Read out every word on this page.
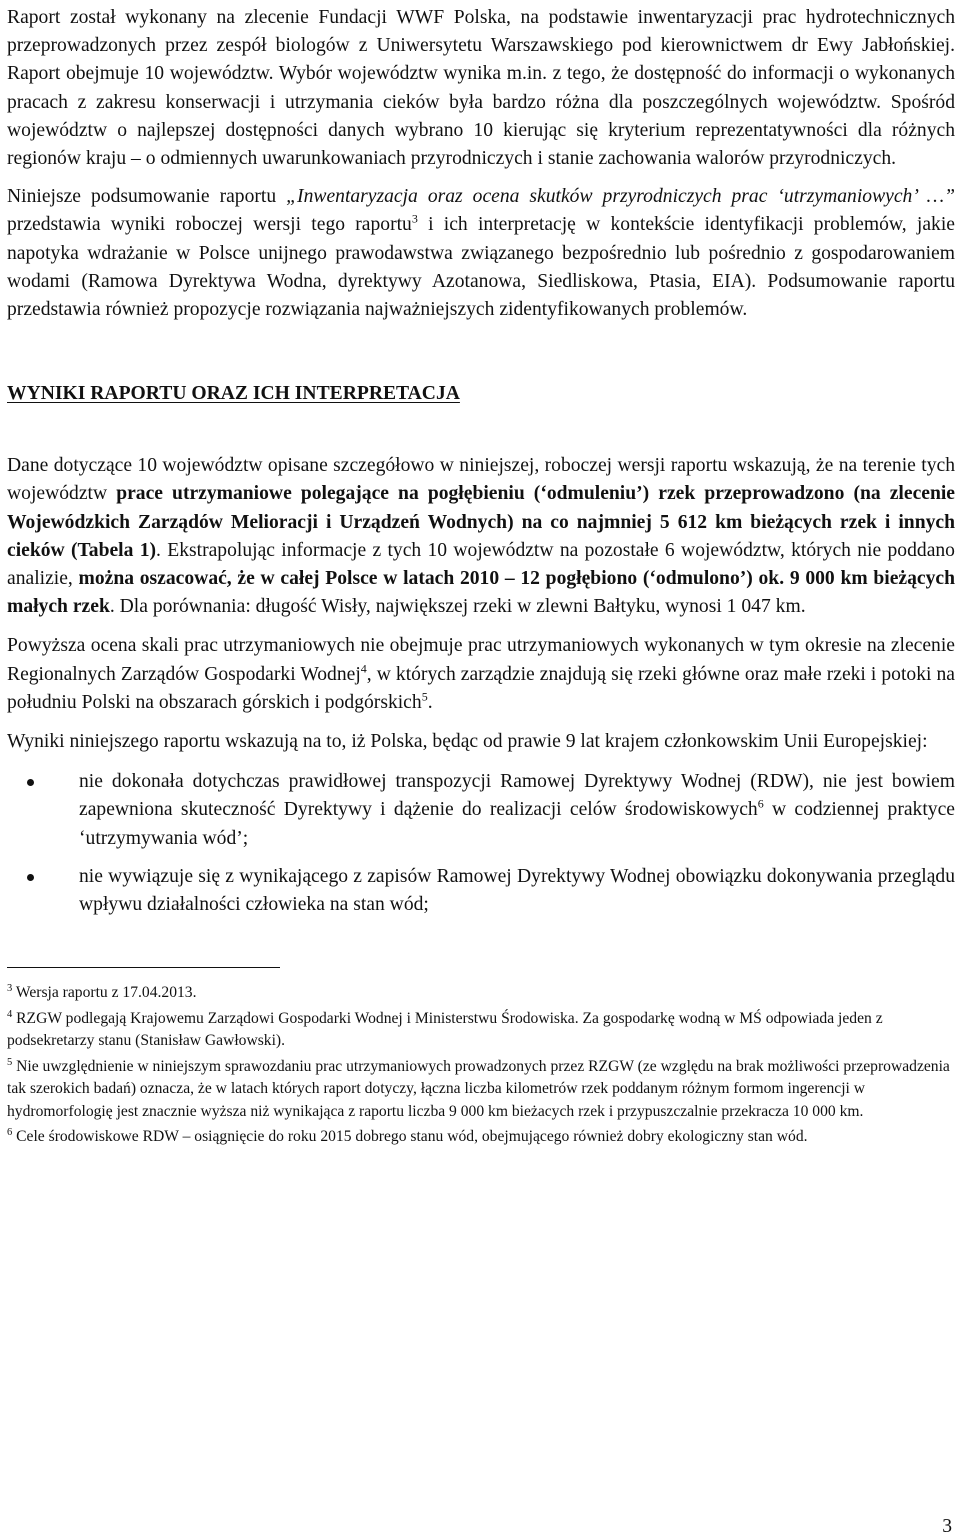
Raport został wykonany na zlecenie Fundacji WWF Polska, na podstawie inwentaryzacji prac hydrotechnicznych przeprowadzonych przez zespół biologów z Uniwersytetu Warszawskiego pod kierownictwem dr Ewy Jabłońskiej. Raport obejmuje 10 województw. Wybór województw wynika m.in. z tego, że dostępność do informacji o wykonanych pracach z zakresu konserwacji i utrzymania cieków była bardzo różna dla poszczególnych województw. Spośród województw o najlepszej dostępności danych wybrano 10 kierując się kryterium reprezentatywności dla różnych regionów kraju – o odmiennych uwarunkowaniach przyrodniczych i stanie zachowania walorów przyrodniczych.

Niniejsze podsumowanie raportu „Inwentaryzacja oraz ocena skutków przyrodniczych prac ‘utrzymaniowych’ …” przedstawia wyniki roboczej wersji tego raportu$^3$ i ich interpretację w kontekście identyfikacji problemów, jakie napotyka wdrażanie w Polsce unijnego prawodawstwa związanego bezpośrednio lub pośrednio z gospodarowaniem wodami (Ramowa Dyrektywa Wodna, dyrektywy Azotanowa, Siedliskowa, Ptasia, EIA). Podsumowanie raportu przedstawia również propozycje rozwiązania najważniejszych zidentyfikowanych problemów.

WYNIKI RAPORTU ORAZ ICH INTERPRETACJA

Dane dotyczące 10 województw opisane szczegółowo w niniejszej, roboczej wersji raportu wskazują, że na terenie tych województw prace utrzymaniowe polegające na pogłębieniu (‘odmuleniu’) rzek przeprowadzono (na zlecenie Wojewódzkich Zarządów Melioracji i Urządzeń Wodnych) na co najmniej 5 612 km bieżących rzek i innych cieków (Tabela 1). Ekstrapolując informacje z tych 10 województw na pozostałe 6 województw, których nie poddano analizie, można oszacować, że w całej Polsce w latach 2010 – 12 pogłębiono (‘odmulono’) ok. 9 000 km bieżących małych rzek. Dla porównania: długość Wisły, największej rzeki w zlewni Bałtyku, wynosi 1 047 km.

Powyższa ocena skali prac utrzymaniowych nie obejmuje prac utrzymaniowych wykonanych w tym okresie na zlecenie Regionalnych Zarządów Gospodarki Wodnej$^4$, w których zarządzie znajdują się rzeki główne oraz małe rzeki i potoki na południu Polski na obszarach górskich i podgórskich$^5$.

Wyniki niniejszego raportu wskazują na to, iż Polska, będąc od prawie 9 lat krajem członkowskim Unii Europejskiej:

nie dokonała dotychczas prawidłowej transpozycji Ramowej Dyrektywy Wodnej (RDW), nie jest bowiem zapewniona skuteczność Dyrektywy i dążenie do realizacji celów środowiskowych$^6$ w codziennej praktyce ‘utrzymywania wód’;
nie wywiązuje się z wynikającego z zapisów Ramowej Dyrektywy Wodnej obowiązku dokonywania przeglądu wpływu działalności człowieka na stan wód;

$^3$ Wersja raportu z 17.04.2013.

$^4$ RZGW podlegają Krajowemu Zarządowi Gospodarki Wodnej i Ministerstwu Środowiska. Za gospodarkę wodną w MŚ odpowiada jeden z podsekretarzy stanu (Stanisław Gawłowski).

$^5$ Nie uwzględnienie w niniejszym sprawozdaniu prac utrzymaniowych prowadzonych przez RZGW (ze względu na brak możliwości przeprowadzenia tak szerokich badań) oznacza, że w latach których raport dotyczy, łączna liczba kilometrów rzek poddanym różnym formom ingerencji w hydromorfologię jest znacznie wyższa niż wynikająca z raportu liczba 9 000 km bieżacych rzek i przypuszczalnie przekracza 10 000 km.

$^6$ Cele środowiskowe RDW – osiągnięcie do roku 2015 dobrego stanu wód, obejmującego również dobry ekologiczny stan wód.

3
